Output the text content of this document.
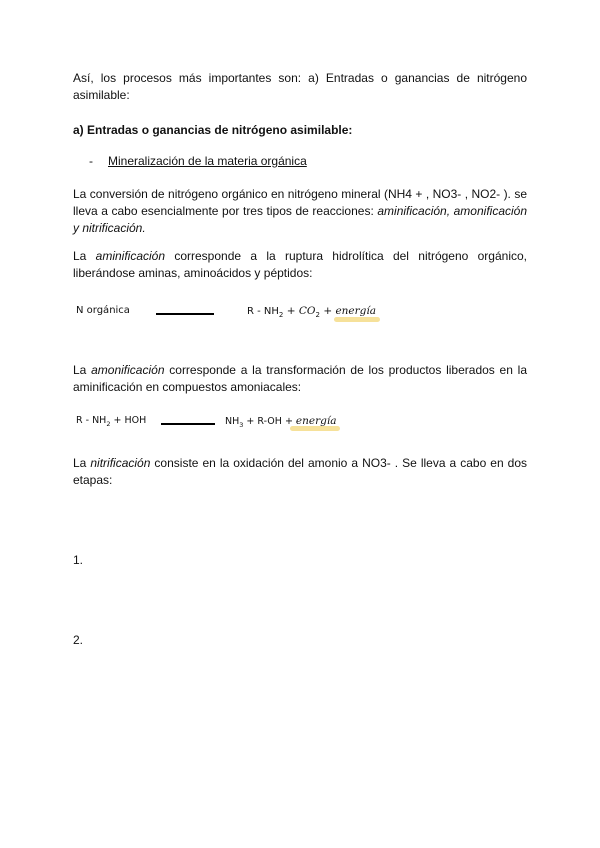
Así, los procesos más importantes son: a) Entradas o ganancias de nitrógeno asimilable:

a) Entradas o ganancias de nitrógeno asimilable:

- Mineralización de la materia orgánica

La conversión de nitrógeno orgánico en nitrógeno mineral (NH4 + , NO3- , NO2- ). se lleva a cabo esencialmente por tres tipos de reacciones: aminificación, amonificación y nitrificación.

La aminificación corresponde a la ruptura hidrolítica del nitrógeno orgánico, liberándose aminas, aminoácidos y péptidos:

N orgánica	$R - NH_2 + CO_2$ + energía

La amonificación corresponde a la transformación de los productos liberados en la aminificación en compuestos amoniacales:

R - $NH_2$ + HOH	$NH_3 + R-OH$ + energía

La nitrificación consiste en la oxidación del amonio a NO3- . Se lleva a cabo en dos etapas:

1.
2.
